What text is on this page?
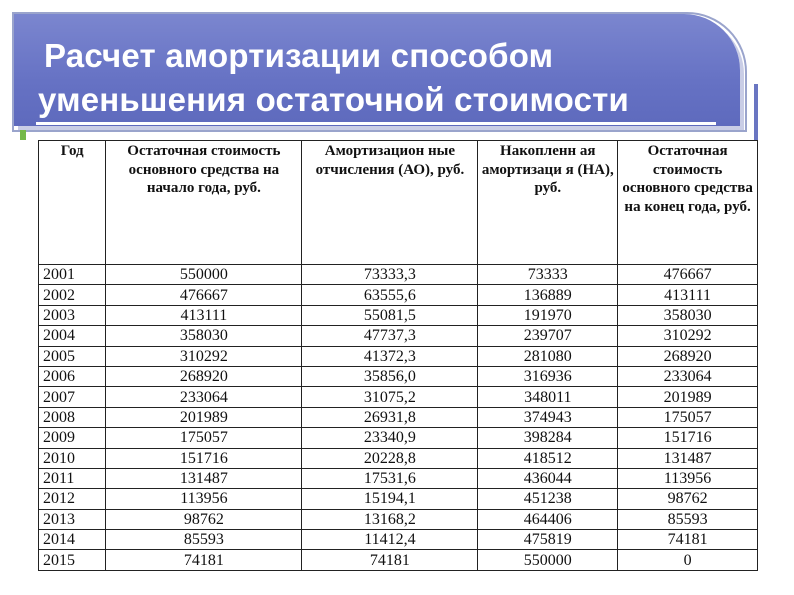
Расчет амортизации способом
уменьшения остаточной стоимости
Год	Остаточная стоимость основного средства на начало года, руб.	Амортизацион ные отчисления (АО), руб.	Накопленн ая амортизаци я (НА), руб.	Остаточная стоимость основного средства на конец года, руб.
2001	550000	73333,3	73333	476667
2002	476667	63555,6	136889	413111
2003	413111	55081,5	191970	358030
2004	358030	47737,3	239707	310292
2005	310292	41372,3	281080	268920
2006	268920	35856,0	316936	233064
2007	233064	31075,2	348011	201989
2008	201989	26931,8	374943	175057
2009	175057	23340,9	398284	151716
2010	151716	20228,8	418512	131487
2011	131487	17531,6	436044	113956
2012	113956	15194,1	451238	98762
2013	98762	13168,2	464406	85593
2014	85593	11412,4	475819	74181
2015	74181	74181	550000	0
